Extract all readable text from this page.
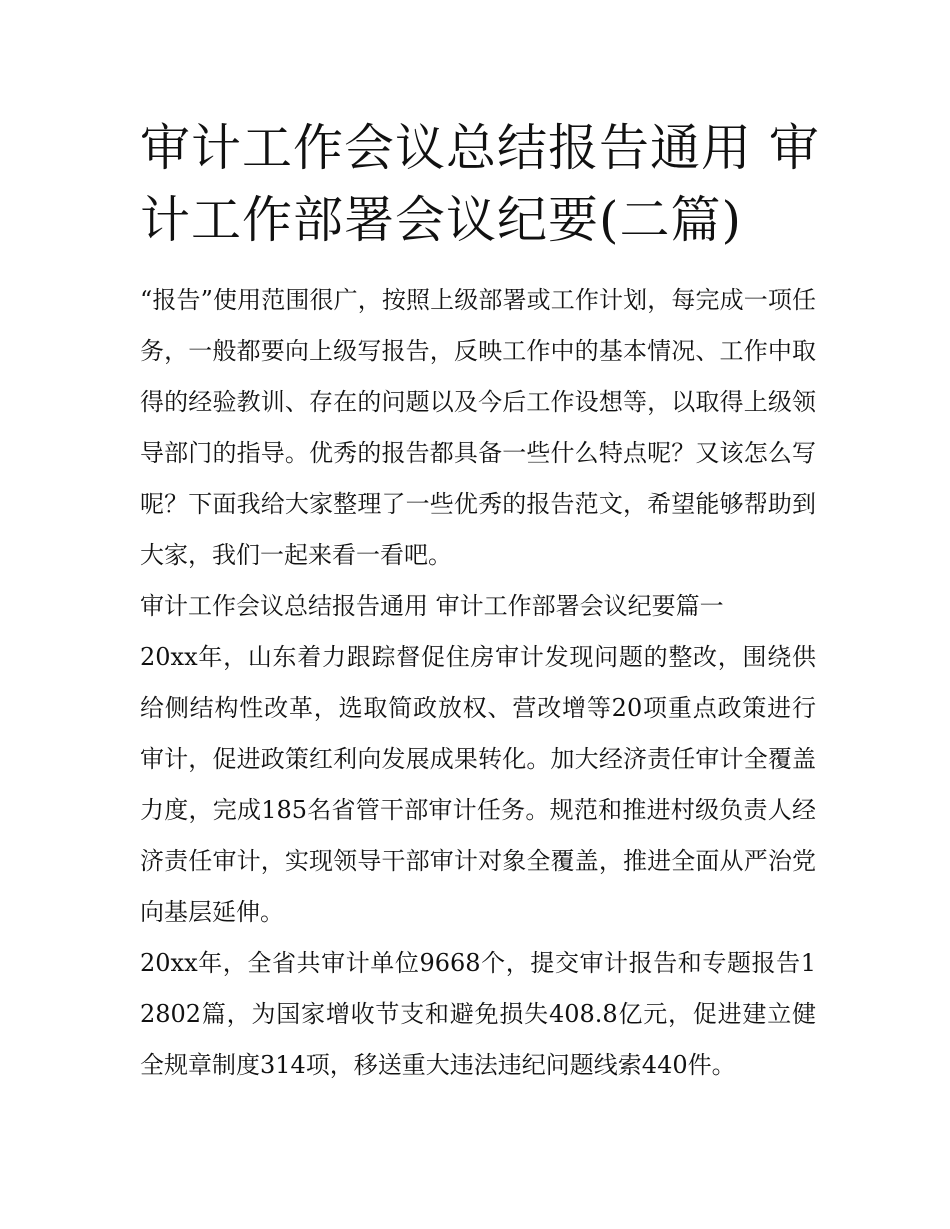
审计工作会议总结报告通用 审计工作部署会议纪要(二篇)

“报告”使用范围很广，按照上级部署或工作计划，每完成一项任务，一般都要向上级写报告，反映工作中的基本情况、工作中取得的经验教训、存在的问题以及今后工作设想等，以取得上级领导部门的指导。优秀的报告都具备一些什么特点呢？又该怎么写呢？下面我给大家整理了一些优秀的报告范文，希望能够帮助到大家，我们一起来看一看吧。

审计工作会议总结报告通用 审计工作部署会议纪要篇一

20xx年，山东着力跟踪督促住房审计发现问题的整改，围绕供给侧结构性改革，选取简政放权、营改增等20项重点政策进行审计，促进政策红利向发展成果转化。加大经济责任审计全覆盖力度，完成185名省管干部审计任务。规范和推进村级负责人经济责任审计，实现领导干部审计对象全覆盖，推进全面从严治党向基层延伸。

20xx年，全省共审计单位9668个，提交审计报告和专题报告12802篇，为国家增收节支和避免损失408.8亿元，促进建立健全规章制度314项，移送重大违法违纪问题线索440件。
